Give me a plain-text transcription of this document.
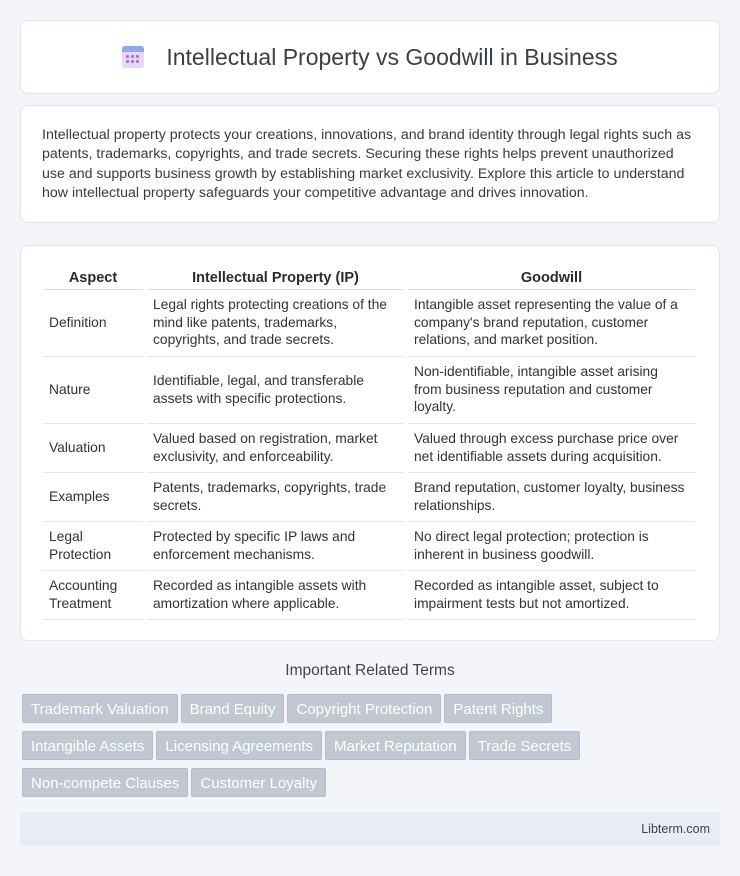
Intellectual Property vs Goodwill in Business

Intellectual property protects your creations, innovations, and brand identity through legal rights such as patents, trademarks, copyrights, and trade secrets. Securing these rights helps prevent unauthorized use and supports business growth by establishing market exclusivity. Explore this article to understand how intellectual property safeguards your competitive advantage and drives innovation.

Aspect	Intellectual Property (IP)	Goodwill
Definition	Legal rights protecting creations of the mind like patents, trademarks, copyrights, and trade secrets.	Intangible asset representing the value of a company's brand reputation, customer relations, and market position.
Nature	Identifiable, legal, and transferable assets with specific protections.	Non-identifiable, intangible asset arising from business reputation and customer loyalty.
Valuation	Valued based on registration, market exclusivity, and enforceability.	Valued through excess purchase price over net identifiable assets during acquisition.
Examples	Patents, trademarks, copyrights, trade secrets.	Brand reputation, customer loyalty, business relationships.
Legal Protection	Protected by specific IP laws and enforcement mechanisms.	No direct legal protection; protection is inherent in business goodwill.
Accounting Treatment	Recorded as intangible assets with amortization where applicable.	Recorded as intangible asset, subject to impairment tests but not amortized.
Important Related Terms
Trademark Valuation Brand Equity Copyright Protection Patent Rights
Intangible Assets Licensing Agreements Market Reputation Trade Secrets
Non-compete Clauses Customer Loyalty
Libterm.com
